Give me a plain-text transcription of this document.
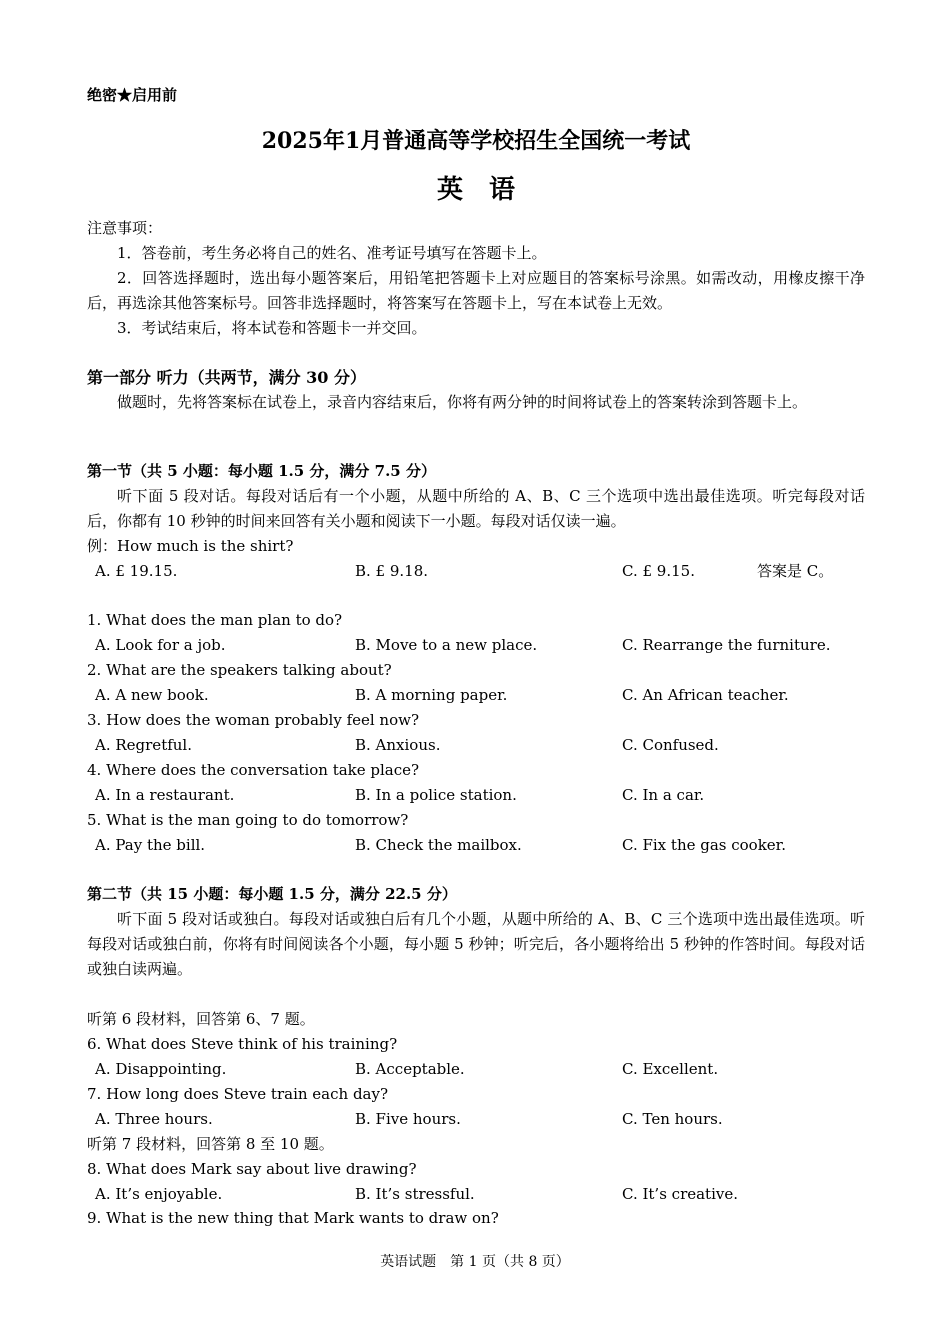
绝密★启用前
2025年1月普通高等学校招生全国统一考试
英　语
注意事项：
1．答卷前，考生务必将自己的姓名、准考证号填写在答题卡上。
2．回答选择题时，选出每小题答案后，用铅笔把答题卡上对应题目的答案标号涂黑。如需改动，用橡皮擦干净后，再选涂其他答案标号。回答非选择题时，将答案写在答题卡上，写在本试卷上无效。
3．考试结束后，将本试卷和答题卡一并交回。
第一部分 听力（共两节，满分 30 分）
做题时，先将答案标在试卷上，录音内容结束后，你将有两分钟的时间将试卷上的答案转涂到答题卡上。
第一节（共 5 小题：每小题 1.5 分，满分 7.5 分）
听下面 5 段对话。每段对话后有一个小题，从题中所给的 A、B、C 三个选项中选出最佳选项。听完每段对话后，你都有 10 秒钟的时间来回答有关小题和阅读下一小题。每段对话仅读一遍。
例：How much is the shirt?
A. £ 19.15.	B. £ 9.18.	C. £ 9.15.	答案是 C。
1. What does the man plan to do?
A. Look for a job.	B. Move to a new place.	C. Rearrange the furniture.
2. What are the speakers talking about?
A. A new book.	B. A morning paper.	C. An African teacher.
3. How does the woman probably feel now?
A. Regretful.	B. Anxious.	C. Confused.
4. Where does the conversation take place?
A. In a restaurant.	B. In a police station.	C. In a car.
5. What is the man going to do tomorrow?
A. Pay the bill.	B. Check the mailbox.	C. Fix the gas cooker.
第二节（共 15 小题：每小题 1.5 分，满分 22.5 分）
听下面 5 段对话或独白。每段对话或独白后有几个小题，从题中所给的 A、B、C 三个选项中选出最佳选项。听每段对话或独白前，你将有时间阅读各个小题，每小题 5 秒钟；听完后，各小题将给出 5 秒钟的作答时间。每段对话或独白读两遍。
听第 6 段材料，回答第 6、7 题。
6. What does Steve think of his training?
A. Disappointing.	B. Acceptable.	C. Excellent.
7. How long does Steve train each day?
A. Three hours.	B. Five hours.	C. Ten hours.
听第 7 段材料，回答第 8 至 10 题。
8. What does Mark say about live drawing?
A. It’s enjoyable.	B. It’s stressful.	C. It’s creative.
9. What is the new thing that Mark wants to draw on?
英语试题　第 1 页（共 8 页）
